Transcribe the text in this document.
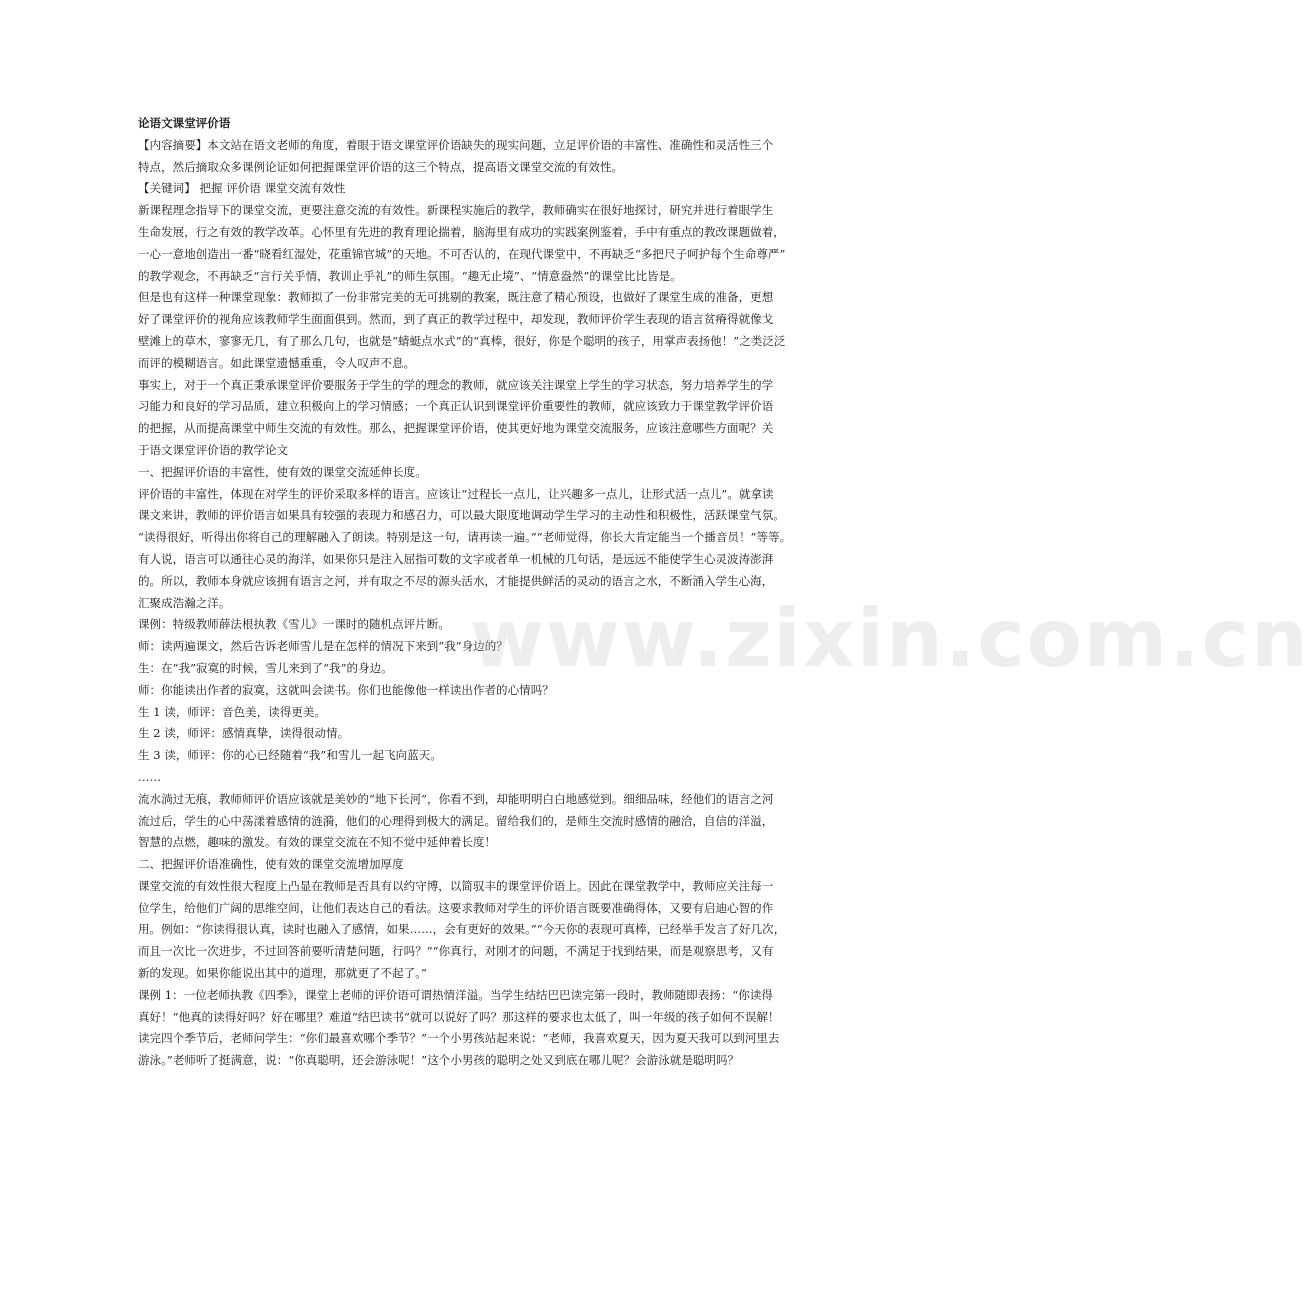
论语文课堂评价语
【内容摘要】本文站在语文老师的角度，着眼于语文课堂评价语缺失的现实问题，立足评价语的丰富性、准确性和灵活性三个
特点，然后摘取众多课例论证如何把握课堂评价语的这三个特点，提高语文课堂交流的有效性。
【关键词】 把握 评价语 课堂交流有效性
新课程理念指导下的课堂交流，更要注意交流的有效性。新课程实施后的教学，教师确实在很好地探讨，研究并进行着眼学生
生命发展，行之有效的教学改革。心怀里有先进的教育理论揣着，脑海里有成功的实践案例鉴着，手中有重点的教改课题做着，
一心一意地创造出一番“晓看红湿处，花重锦官城”的天地。不可否认的，在现代课堂中，不再缺乏“多把尺子呵护每个生命尊严”
的教学观念，不再缺乏“言行关乎情，教训止乎礼”的师生氛围。“趣无止境”、“情意盎然”的课堂比比皆是。
但是也有这样一种课堂现象：教师拟了一份非常完美的无可挑剔的教案，既注意了精心预设，也做好了课堂生成的准备，更想
好了课堂评价的视角应该教师学生面面俱到。然而，到了真正的教学过程中，却发现，教师评价学生表现的语言贫瘠得就像戈
壁滩上的草木，寥寥无几，有了那么几句，也就是“蜻蜓点水式”的“真棒，很好，你是个聪明的孩子，用掌声表扬他！”之类泛泛
而评的模糊语言。如此课堂遗憾重重，令人叹声不息。
事实上，对于一个真正秉承课堂评价要服务于学生的学的理念的教师，就应该关注课堂上学生的学习状态，努力培养学生的学
习能力和良好的学习品质，建立积极向上的学习情感；一个真正认识到课堂评价重要性的教师，就应该致力于课堂教学评价语
的把握，从而提高课堂中师生交流的有效性。那么，把握课堂评价语，使其更好地为课堂交流服务，应该注意哪些方面呢？关
于语文课堂评价语的教学论文
一、把握评价语的丰富性，使有效的课堂交流延伸长度。
评价语的丰富性，体现在对学生的评价采取多样的语言。应该让“过程长一点儿，让兴趣多一点儿，让形式活一点儿”。就拿读
课文来讲，教师的评价语言如果具有较强的表现力和感召力，可以最大限度地调动学生学习的主动性和积极性，活跃课堂气氛。
“读得很好，听得出你将自己的理解融入了朗读。特别是这一句，请再读一遍。”“老师觉得，你长大肯定能当一个播音员！”等等。
有人说，语言可以通往心灵的海洋，如果你只是注入屈指可数的文字或者单一机械的几句话，是远远不能使学生心灵波涛澎湃
的。所以，教师本身就应该拥有语言之河，并有取之不尽的源头活水，才能提供鲜活的灵动的语言之水，不断涌入学生心海，
汇聚成浩瀚之洋。
课例：特级教师薛法根执教《雪儿》一课时的随机点评片断。
师：读两遍课文，然后告诉老师雪儿是在怎样的情况下来到“我”身边的？
生：在“我”寂寞的时候，雪儿来到了“我”的身边。
师：你能读出作者的寂寞，这就叫会读书。你们也能像他一样读出作者的心情吗？
生 1 读，师评：音色美，读得更美。
生 2 读，师评：感情真挚，读得很动情。
生 3 读，师评：你的心已经随着“我”和雪儿一起飞向蓝天。
……
流水淌过无痕，教师师评价语应该就是美妙的“地下长河”，你看不到，却能明明白白地感觉到。细细品味，经他们的语言之河
流过后，学生的心中荡漾着感情的涟漪，他们的心理得到极大的满足。留给我们的，是师生交流时感情的融洽，自信的洋溢，
智慧的点燃，趣味的激发。有效的课堂交流在不知不觉中延伸着长度！
二、把握评价语准确性，使有效的课堂交流增加厚度
课堂交流的有效性很大程度上凸显在教师是否具有以约守博，以简驭丰的课堂评价语上。因此在课堂教学中，教师应关注每一
位学生，给他们广阔的思维空间，让他们表达自己的看法。这要求教师对学生的评价语言既要准确得体，又要有启迪心智的作
用。例如：“你读得很认真，读时也融入了感情，如果……，会有更好的效果。”“今天你的表现可真棒，已经举手发言了好几次，
而且一次比一次进步，不过回答前要听清楚问题，行吗？”“你真行，对刚才的问题，不满足于找到结果，而是观察思考，又有
新的发现。如果你能说出其中的道理，那就更了不起了。”
课例 1：一位老师执教《四季》，课堂上老师的评价语可谓热情洋溢。当学生结结巴巴读完第一段时，教师随即表扬：“你读得
真好！”他真的读得好吗？好在哪里？难道“结巴读书”就可以说好了吗？那这样的要求也太低了，叫一年级的孩子如何不误解！
读完四个季节后，老师问学生：“你们最喜欢哪个季节？”一个小男孩站起来说：“老师，我喜欢夏天，因为夏天我可以到河里去
游泳。”老师听了挺满意，说：“你真聪明，还会游泳呢！”这个小男孩的聪明之处又到底在哪儿呢？会游泳就是聪明吗？
www.zixin.com.cn
